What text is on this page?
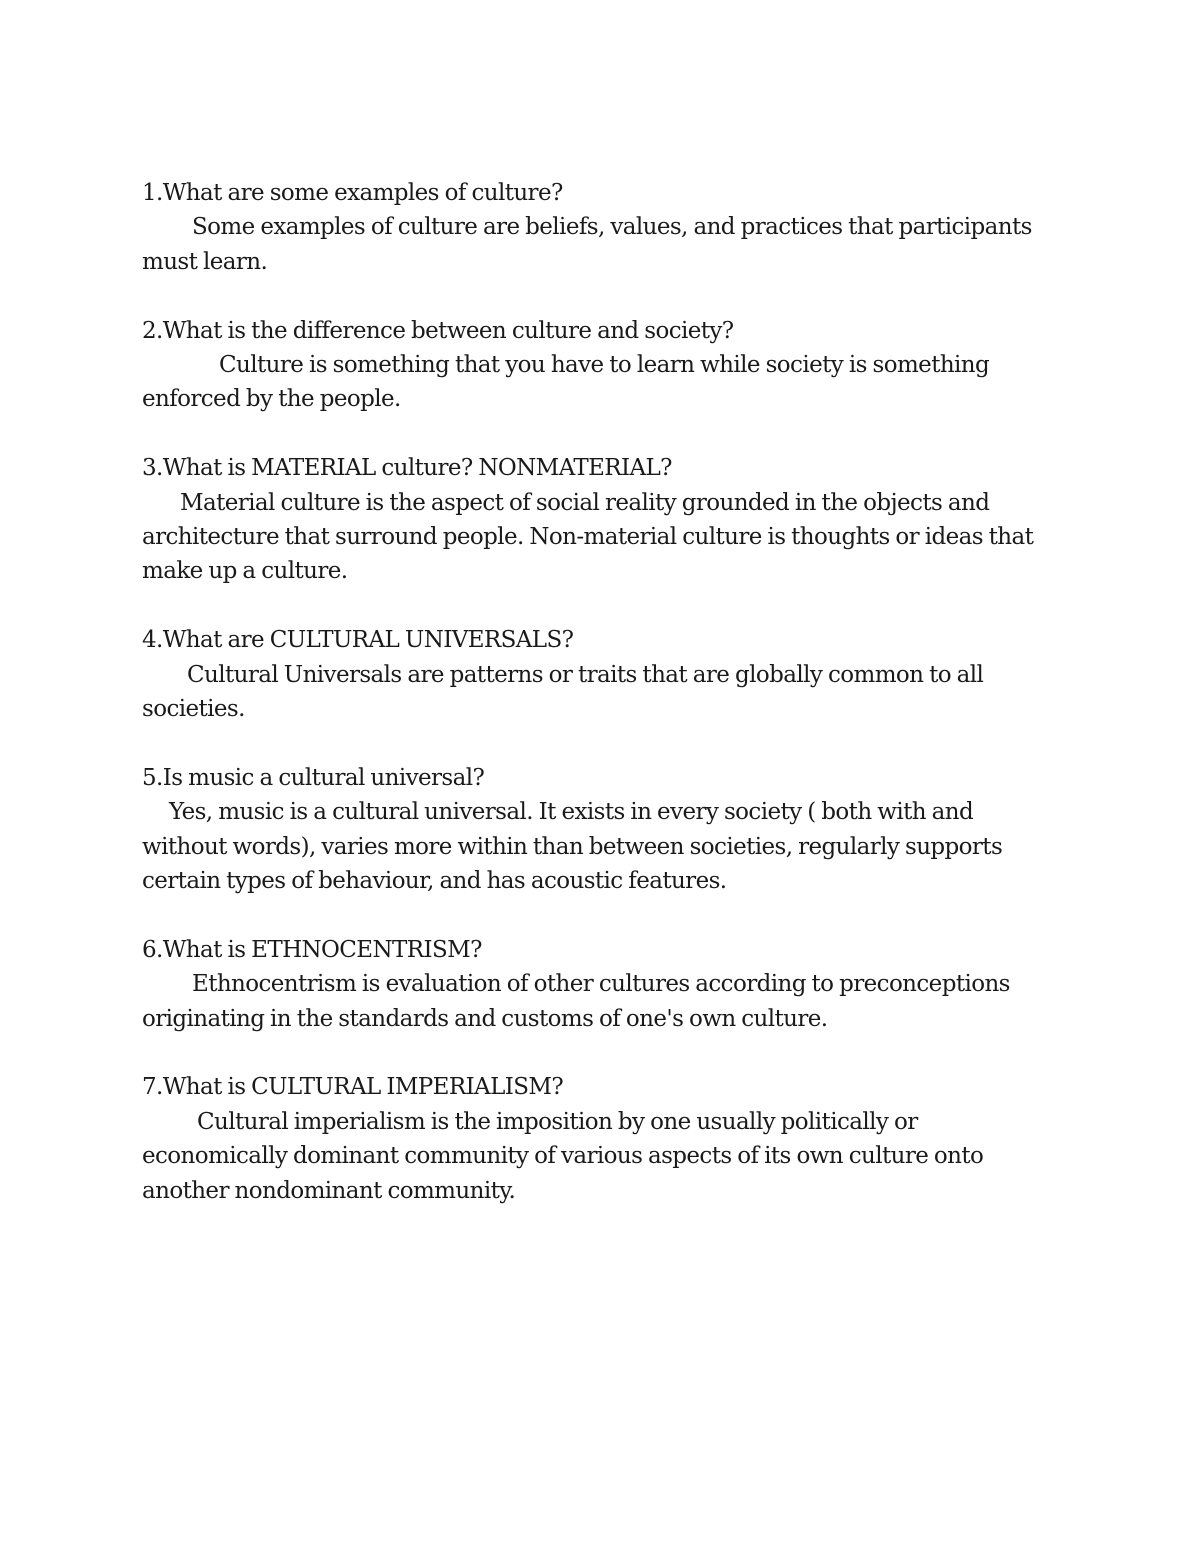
1.What are some examples of culture?

Some examples of culture are beliefs, values, and practices that participants must learn.

2.What is the difference between culture and society?

Culture is something that you have to learn while society is something enforced by the people.

3.What is MATERIAL culture? NONMATERIAL?

Material culture is the aspect of social reality grounded in the objects and architecture that surround people. Non-material culture is thoughts or ideas that make up a culture.

4.What are CULTURAL UNIVERSALS?

Cultural Universals are patterns or traits that are globally common to all societies.

5.Is music a cultural universal?

Yes, music is a cultural universal. It exists in every society ( both with and without words), varies more within than between societies, regularly supports certain types of behaviour, and has acoustic features.

6.What is ETHNOCENTRISM?

Ethnocentrism is evaluation of other cultures according to preconceptions originating in the standards and customs of one's own culture.

7.What is CULTURAL IMPERIALISM?

Cultural imperialism is the imposition by one usually politically or economically dominant community of various aspects of its own culture onto another nondominant community.
